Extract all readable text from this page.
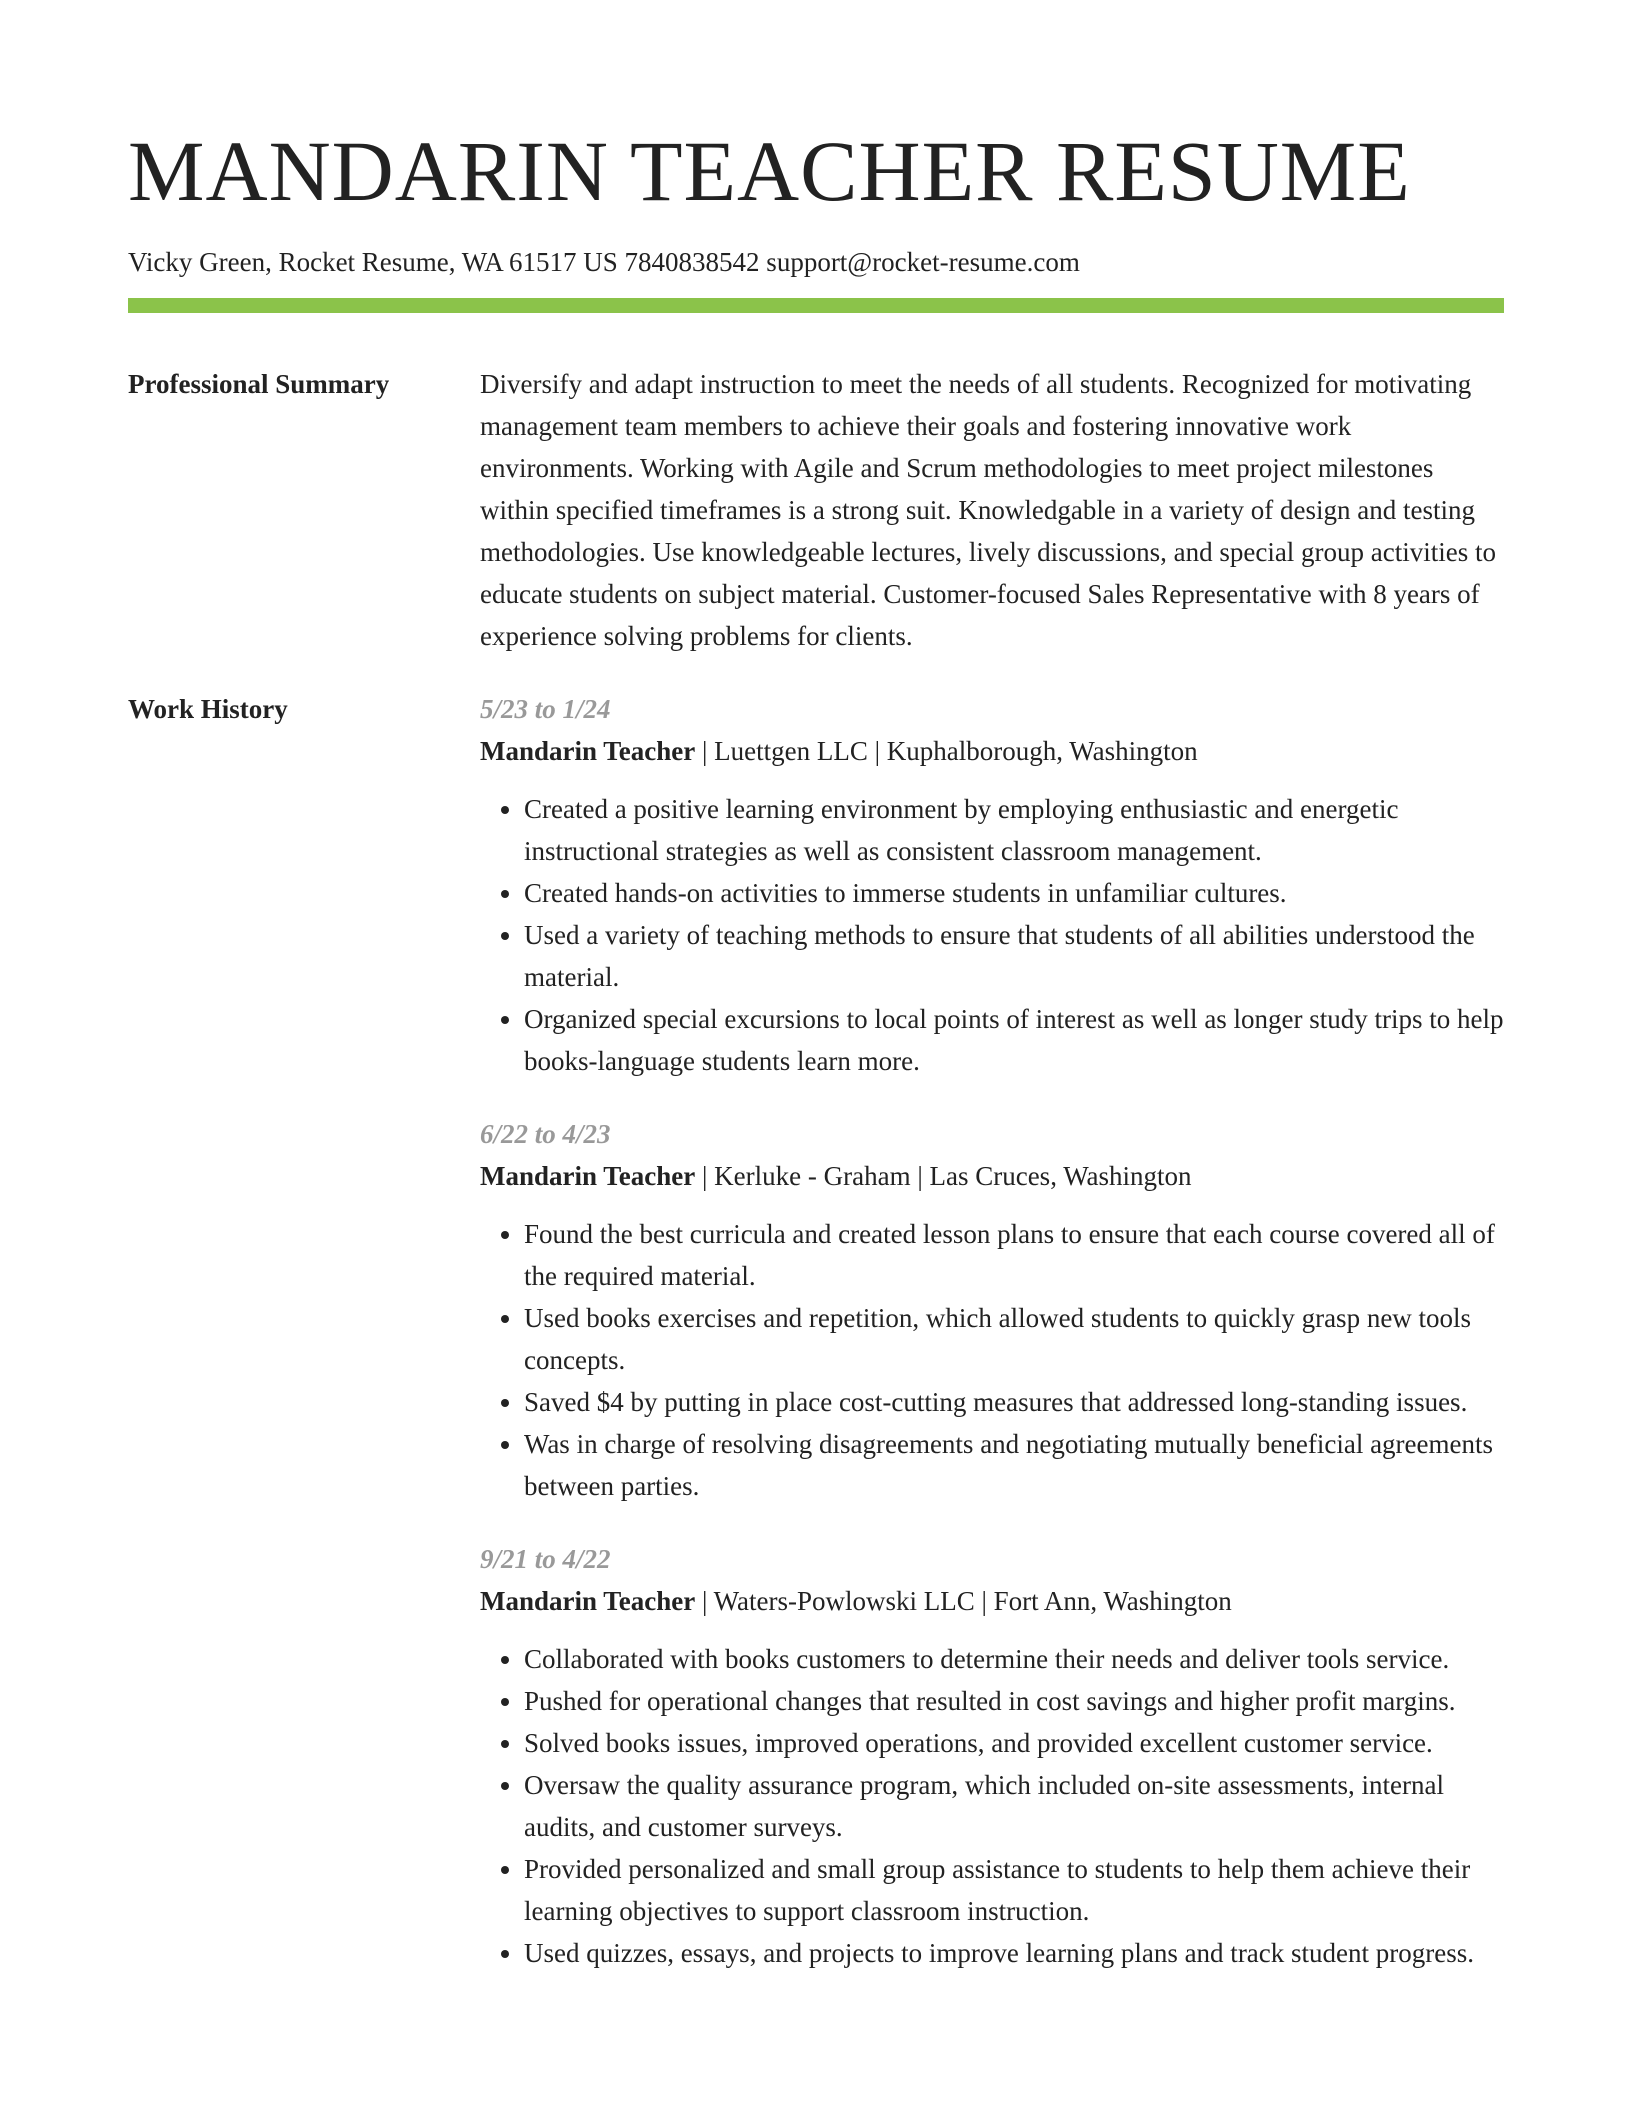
MANDARIN TEACHER RESUME
Vicky Green, Rocket Resume, WA 61517 US 7840838542 support@rocket-resume.com
Professional Summary	Diversify and adapt instruction to meet the needs of all students. Recognized for motivating management team members to achieve their goals and fostering innovative work environments. Working with Agile and Scrum methodologies to meet project milestones within specified timeframes is a strong suit. Knowledgable in a variety of design and testing methodologies. Use knowledgeable lectures, lively discussions, and special group activities to educate students on subject material. Customer-focused Sales Representative with 8 years of experience solving problems for clients.

Work History	5/23 to 1/24
Mandarin Teacher | Luettgen LLC | Kuphalborough, Washington
• Created a positive learning environment by employing enthusiastic and energetic instructional strategies as well as consistent classroom management.
• Created hands-on activities to immerse students in unfamiliar cultures.
• Used a variety of teaching methods to ensure that students of all abilities understood the material.
• Organized special excursions to local points of interest as well as longer study trips to help books-language students learn more.
6/22 to 4/23
Mandarin Teacher | Kerluke - Graham | Las Cruces, Washington
• Found the best curricula and created lesson plans to ensure that each course covered all of the required material.
• Used books exercises and repetition, which allowed students to quickly grasp new tools concepts.
• Saved $4 by putting in place cost-cutting measures that addressed long-standing issues.
• Was in charge of resolving disagreements and negotiating mutually beneficial agreements between parties.
9/21 to 4/22
Mandarin Teacher | Waters-Powlowski LLC | Fort Ann, Washington
• Collaborated with books customers to determine their needs and deliver tools service.
• Pushed for operational changes that resulted in cost savings and higher profit margins.
• Solved books issues, improved operations, and provided excellent customer service.
• Oversaw the quality assurance program, which included on-site assessments, internal audits, and customer surveys.
• Provided personalized and small group assistance to students to help them achieve their learning objectives to support classroom instruction.
• Used quizzes, essays, and projects to improve learning plans and track student progress.
